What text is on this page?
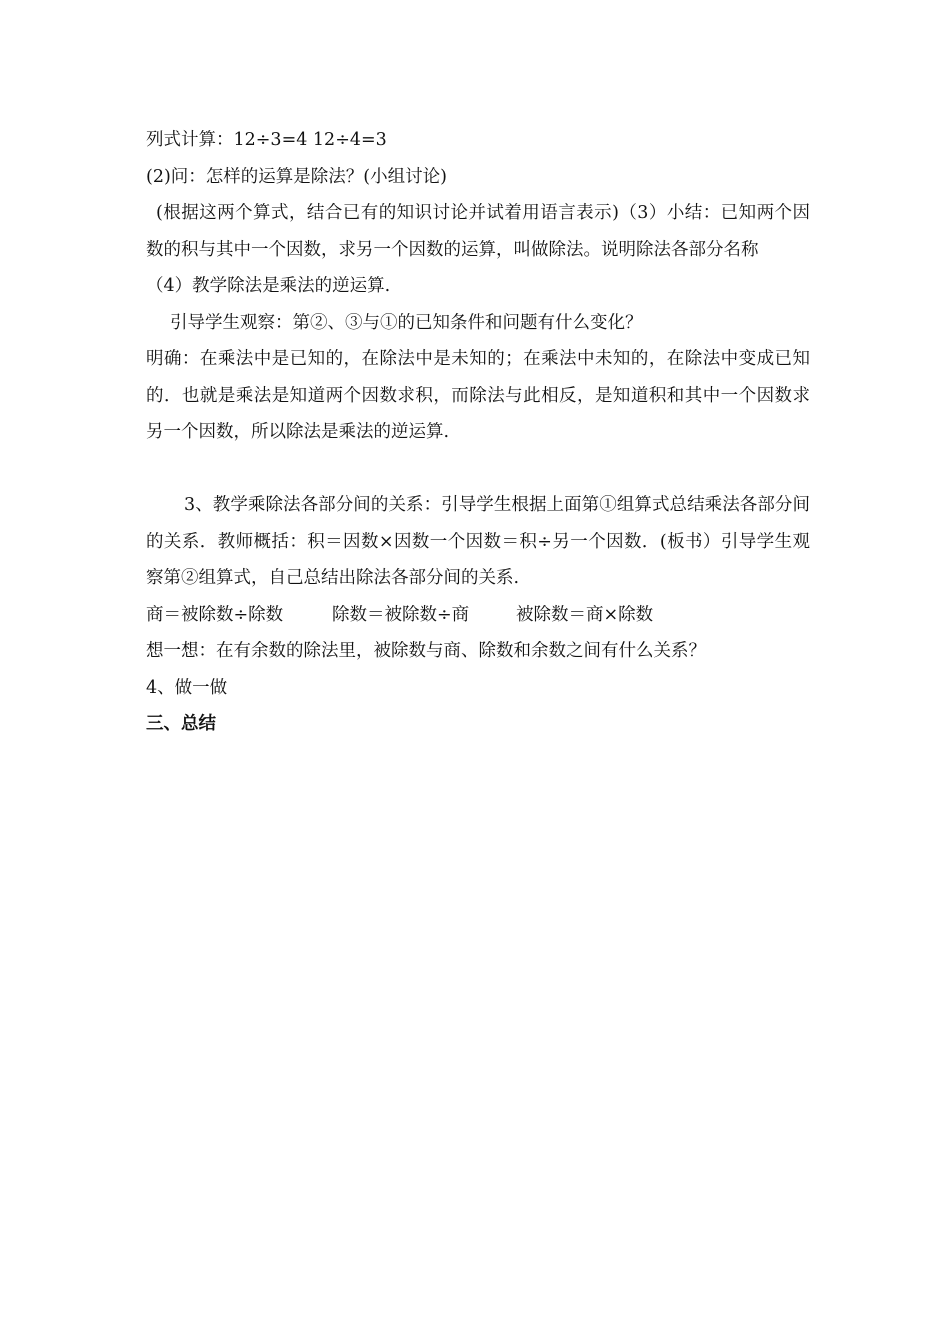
列式计算：12÷3=4 12÷4=3
(2)问：怎样的运算是除法？(小组讨论)
(根据这两个算式，结合已有的知识讨论并试着用语言表示)（3）小结：已知两个因数的积与其中一个因数，求另一个因数的运算，叫做除法。说明除法各部分名称
（4）教学除法是乘法的逆运算.
引导学生观察：第②、③与①的已知条件和问题有什么变化？
明确：在乘法中是已知的，在除法中是未知的；在乘法中未知的，在除法中变成已知的．也就是乘法是知道两个因数求积，而除法与此相反，是知道积和其中一个因数求另一个因数，所以除法是乘法的逆运算.
3、教学乘除法各部分间的关系：引导学生根据上面第①组算式总结乘法各部分间的关系．教师概括：积＝因数×因数一个因数＝积÷另一个因数．(板书）引导学生观察第②组算式，自己总结出除法各部分间的关系.
商＝被除数÷除数	除数＝被除数÷商	被除数＝商×除数
想一想：在有余数的除法里，被除数与商、除数和余数之间有什么关系？
4、做一做
三、总结
